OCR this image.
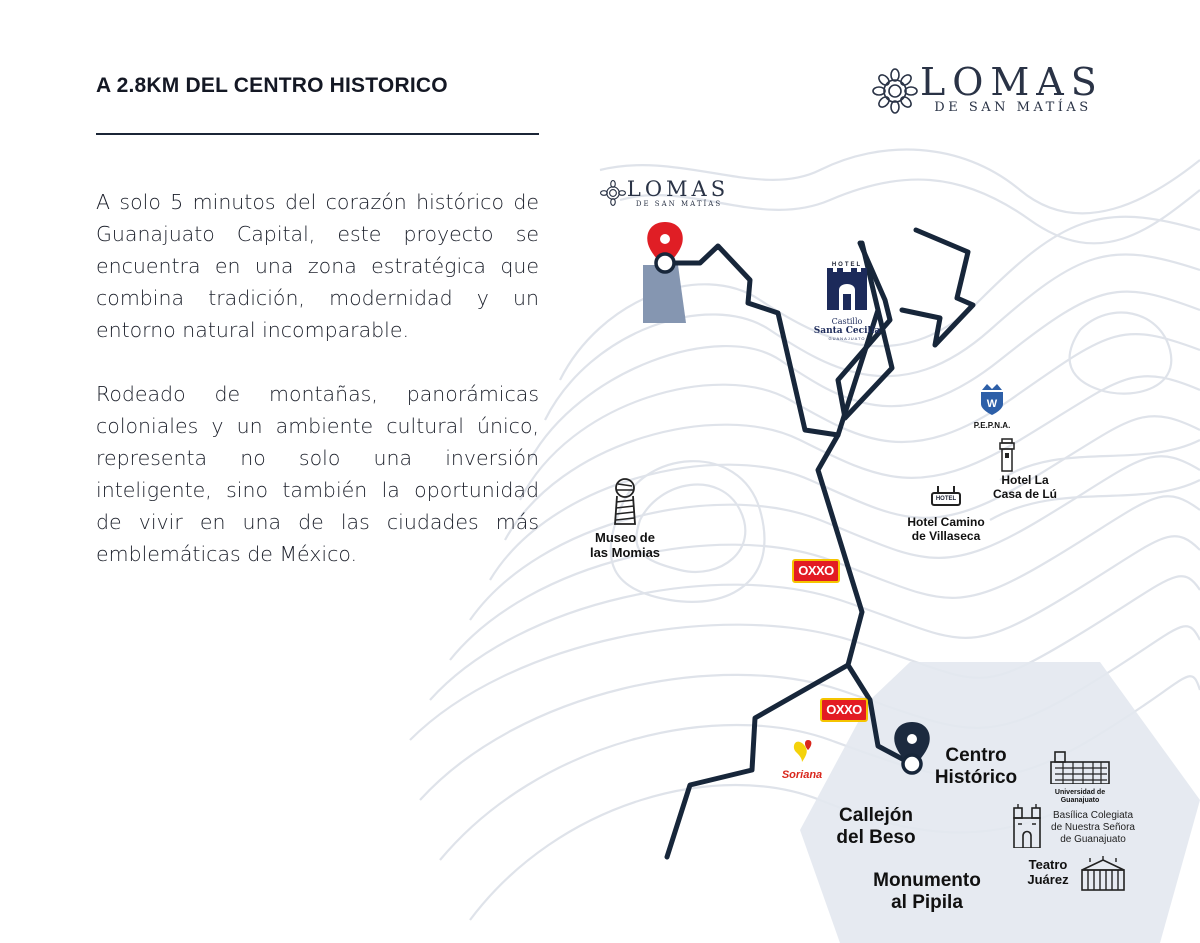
A 2.8KM DEL CENTRO HISTORICO
A solo 5 minutos del corazón histórico de Guanajuato Capital, este proyecto se encuentra en una zona estratégica que combina tradición, modernidad y un entorno natural incomparable.
Rodeado de montañas, panorámicas coloniales y un ambiente cultural único, representa no solo una inversión inteligente, sino también la oportunidad de vivir en una de las ciudades más emblemáticas de México.
LOMAS
DE SAN MATÍAS
LOMAS
DE SAN MATÍAS
HOTEL
Castillo
Santa Cecilia
GUANAJUATO
W
P.E.P.N.A.
Hotel La
Casa de Lú
HOTEL
Hotel Camino
de Villaseca
Museo de
las Momias
OXXO
OXXO
Soriana
Centro
Histórico
Universidad de
Guanajuato
Callejón
del Beso
Basílica Colegiata
de Nuestra Señora
de Guanajuato
Teatro
Juárez
Monumento
al Pipila
